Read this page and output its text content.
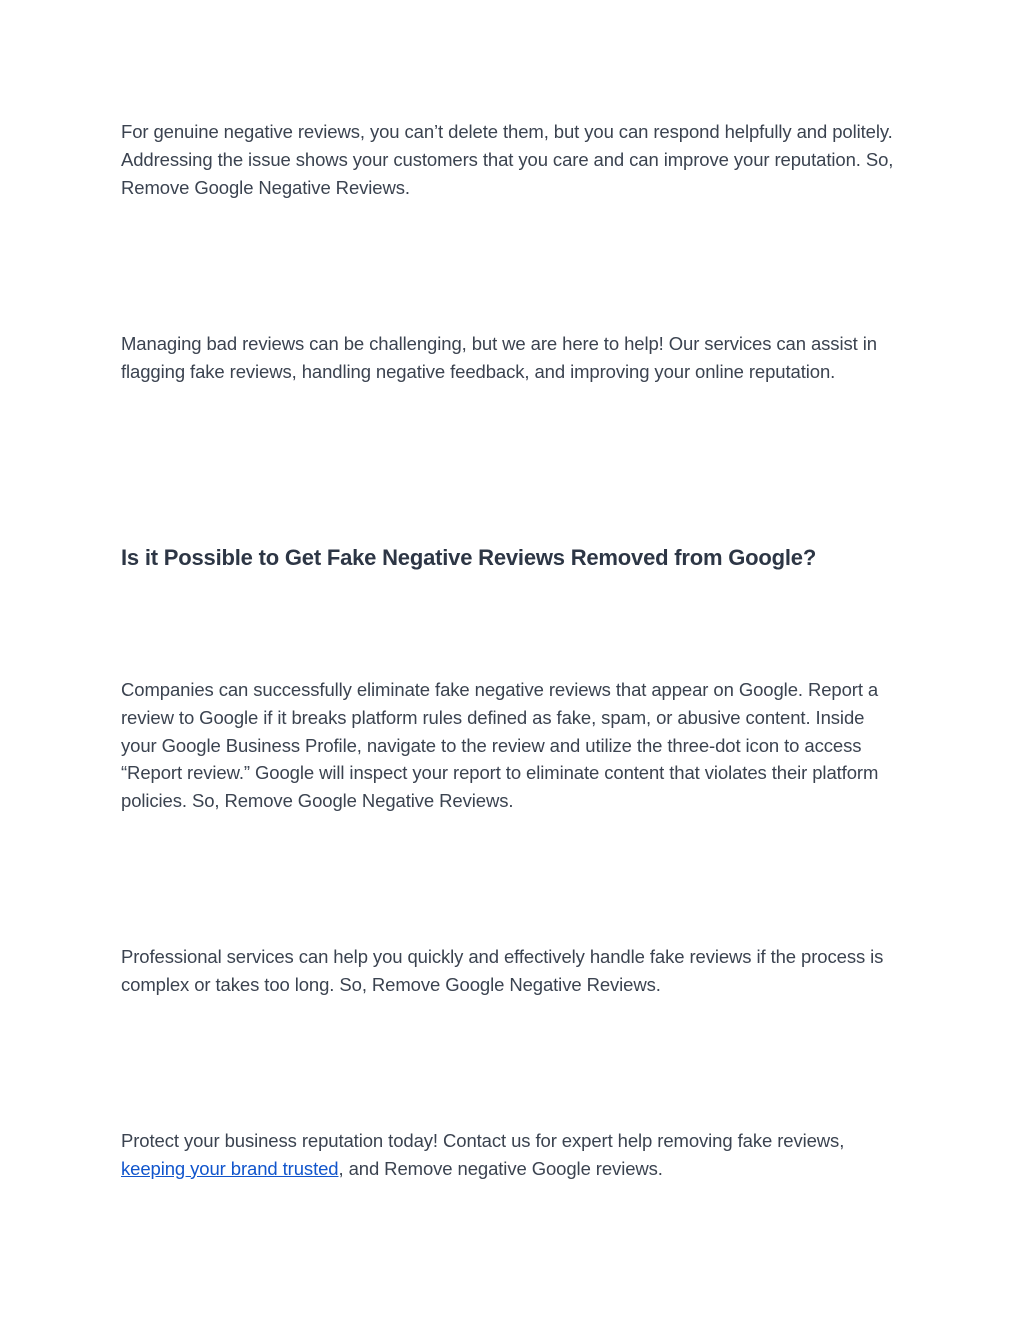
For genuine negative reviews, you can’t delete them, but you can respond helpfully and politely. Addressing the issue shows your customers that you care and can improve your reputation. So, Remove Google Negative Reviews.

Managing bad reviews can be challenging, but we are here to help! Our services can assist in flagging fake reviews, handling negative feedback, and improving your online reputation.

Is it Possible to Get Fake Negative Reviews Removed from Google?

Companies can successfully eliminate fake negative reviews that appear on Google. Report a review to Google if it breaks platform rules defined as fake, spam, or abusive content. Inside your Google Business Profile, navigate to the review and utilize the three-dot icon to access “Report review.” Google will inspect your report to eliminate content that violates their platform policies. So, Remove Google Negative Reviews.

Professional services can help you quickly and effectively handle fake reviews if the process is complex or takes too long. So, Remove Google Negative Reviews.

Protect your business reputation today! Contact us for expert help removing fake reviews, keeping your brand trusted, and Remove negative Google reviews.
